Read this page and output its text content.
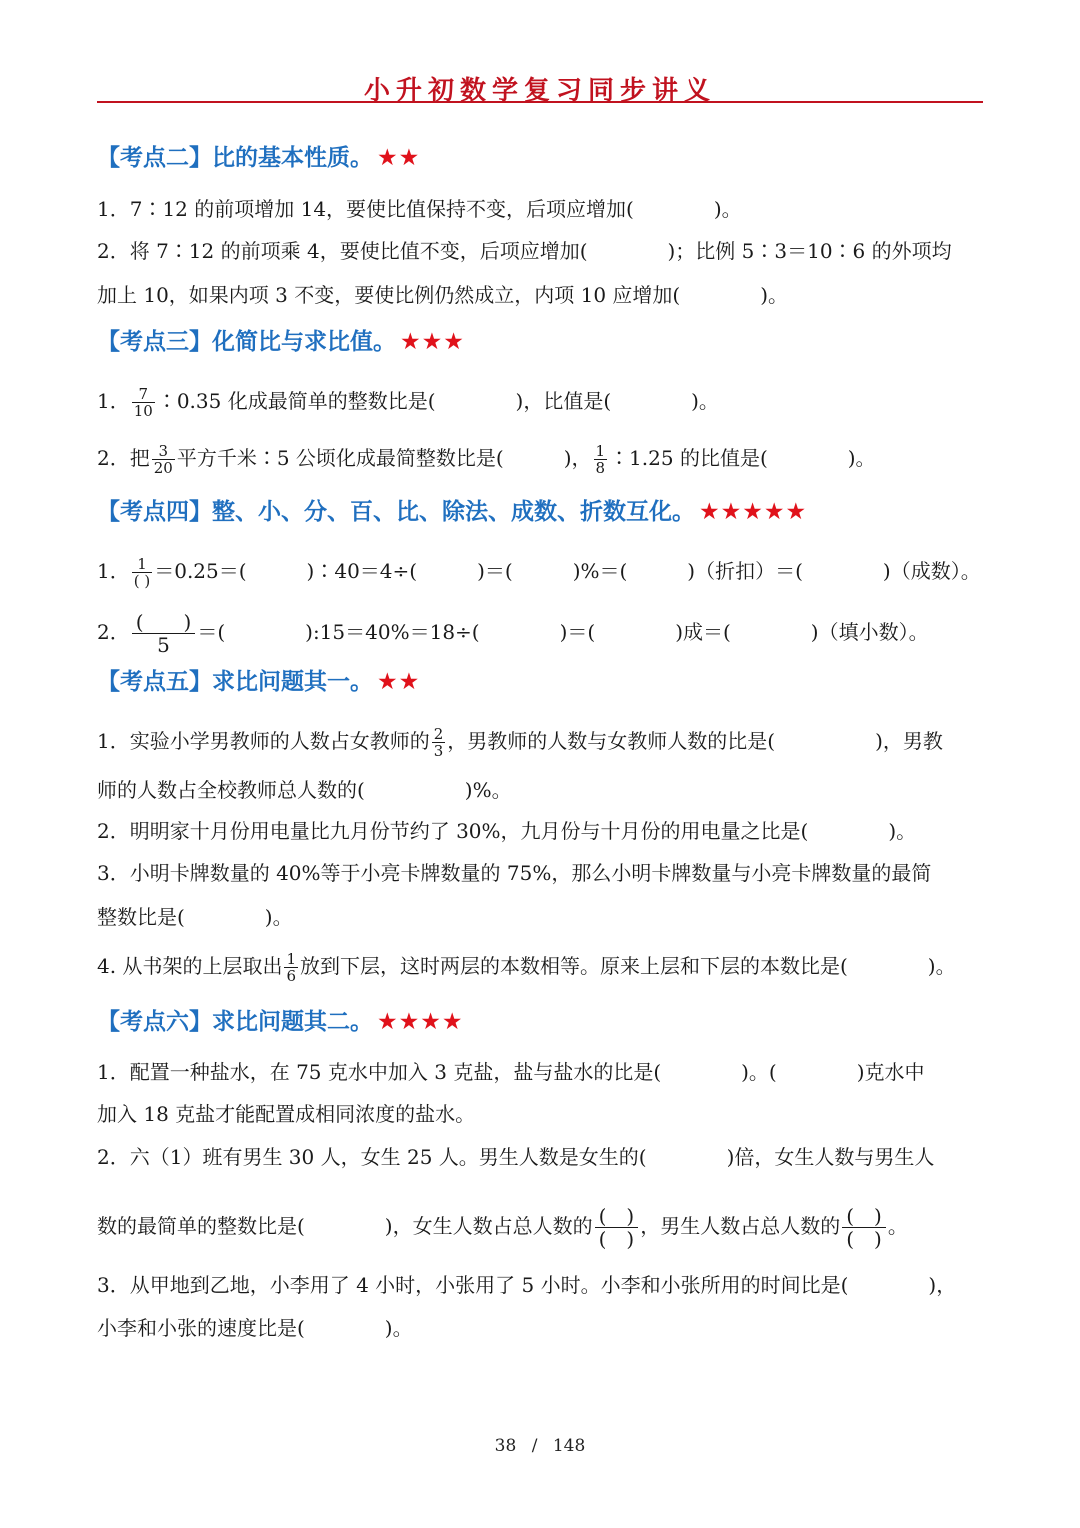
小升初数学复习同步讲义
【考点二】比的基本性质。 ★★
1．7∶12 的前项增加 14，要使比值保持不变，后项应增加(　　　　)。
2．将 7∶12 的前项乘 4，要使比值不变，后项应增加(　　　　)；比例 5∶3＝10∶6 的外项均
加上 10，如果内项 3 不变，要使比例仍然成立，内项 10 应增加(　　　　)。
【考点三】化简比与求比值。 ★★★
1． $\frac{7}{10}$ ∶0.35 化成最简单的整数比是(　　　　)，比值是(　　　　)。
2．把 $\frac{3}{20}$ 平方千米∶5 公顷化成最简整数比是(　　　)， $\frac{1}{8}$ ∶1.25 的比值是(　　　　)。
【考点四】整、小、分、百、比、除法、成数、折数互化。 ★★★★★
1． $\frac{1}{( )} =0.25=$(　　　)∶40＝4÷(　　　)＝(　　　)%＝(　　　)（折扣）＝(　　　　)（成数）。
2． $\frac{( )}{5}$ ＝(　　　　):15＝40%＝18÷(　　　　)＝(　　　　)成＝(　　　　)（填小数）。
【考点五】求比问题其一。 ★★
1．实验小学男教师的人数占女教师的 $\frac{2}{3}$ ，男教师的人数与女教师人数的比是(　　　　　)，男教
师的人数占全校教师总人数的(　　　　　)%。
2．明明家十月份用电量比九月份节约了 30%，九月份与十月份的用电量之比是(　　　　)。
3．小明卡牌数量的 40%等于小亮卡牌数量的 75%，那么小明卡牌数量与小亮卡牌数量的最简
整数比是(　　　　)。
4. 从书架的上层取出 $\frac{1}{6}$ 放到下层，这时两层的本数相等。原来上层和下层的本数比是(　　　　)。
【考点六】求比问题其二。 ★★★★
1．配置一种盐水，在 75 克水中加入 3 克盐，盐与盐水的比是(　　　　)。(　　　　)克水中
加入 18 克盐才能配置成相同浓度的盐水。
2．六（1）班有男生 30 人，女生 25 人。男生人数是女生的(　　　　)倍，女生人数与男生人
数的最简单的整数比是(　　　　)，女生人数占总人数的 $\frac{( )}{( )}$ ，男生人数占总人数的 $\frac{( )}{( )}$ 。
3．从甲地到乙地，小李用了 4 小时，小张用了 5 小时。小李和小张所用的时间比是(　　　　)，
小李和小张的速度比是(　　　　)。
38 / 148
